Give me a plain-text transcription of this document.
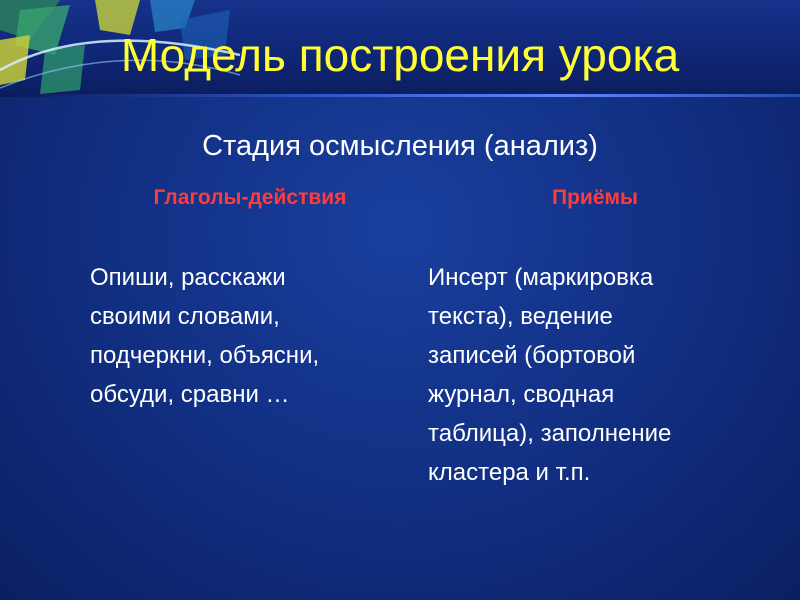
Модель построения урока
Стадия осмысления (анализ)
Глаголы-действия	Приёмы
Опиши, расскажи
своими словами,
подчеркни, объясни,
обсуди, сравни …
Инсерт (маркировка
текста), ведение
записей (бортовой
журнал, сводная
таблица), заполнение
кластера и т.п.
